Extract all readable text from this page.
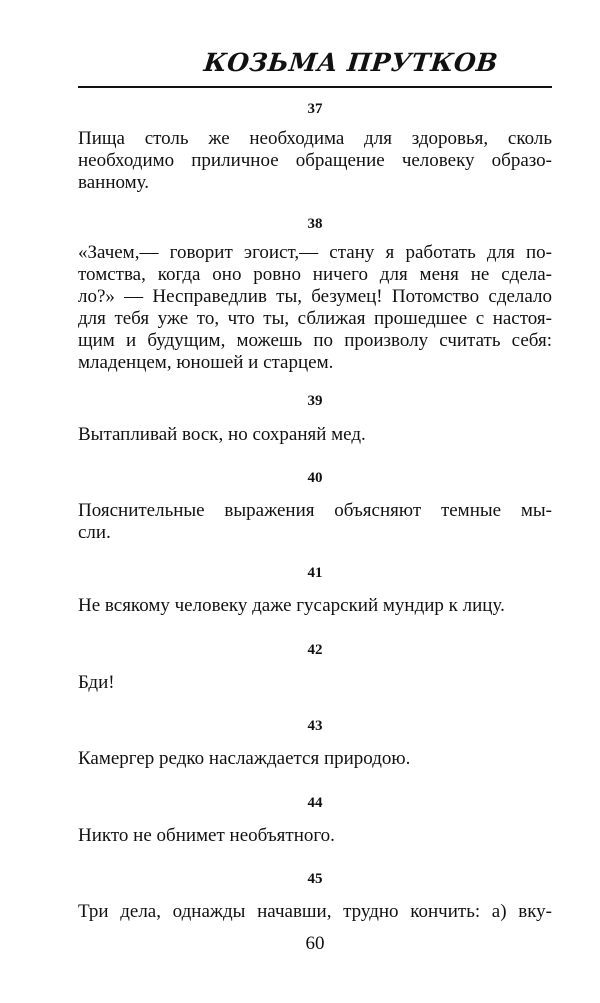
КОЗЬМА ПРУТКОВ
37
Пища столь же необходима для здоровья, сколь
необходимо приличное обращение человеку образо-
ванному.
38
«Зачем,— говорит эгоист,— стану я работать для по-
томства, когда оно ровно ничего для меня не сдела-
ло?» — Несправедлив ты, безумец! Потомство сделало
для тебя уже то, что ты, сближая прошедшее с настоя-
щим и будущим, можешь по произволу считать себя:
младенцем, юношей и старцем.
39
Вытапливай воск, но сохраняй мед.
40
Пояснительные выражения объясняют темные мы-
сли.
41
Не всякому человеку даже гусарский мундир к лицу.
42
Бди!
43
Камергер редко наслаждается природою.
44
Никто не обнимет необъятного.
45
Три дела, однажды начавши, трудно кончить: а) вку-
60
